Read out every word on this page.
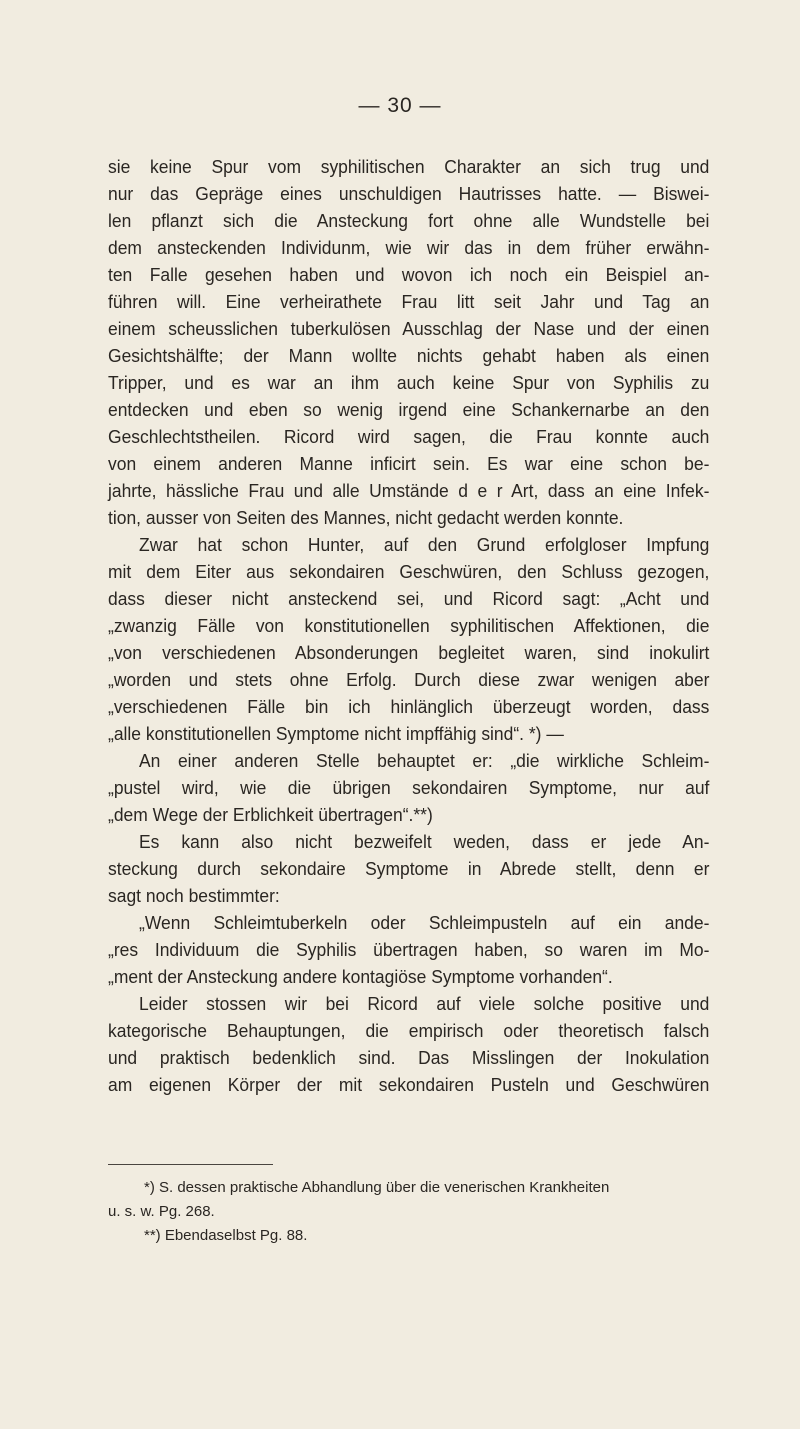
— 30 —
sie keine Spur vom syphilitischen Charakter an sich trug und
nur das Gepräge eines unschuldigen Hautrisses hatte. — Biswei-
len pflanzt sich die Ansteckung fort ohne alle Wundstelle bei
dem ansteckenden Individunm, wie wir das in dem früher erwähn-
ten Falle gesehen haben und wovon ich noch ein Beispiel an-
führen will. Eine verheirathete Frau litt seit Jahr und Tag an
einem scheusslichen tuberkulösen Ausschlag der Nase und der einen
Gesichtshälfte; der Mann wollte nichts gehabt haben als einen
Tripper, und es war an ihm auch keine Spur von Syphilis zu
entdecken und eben so wenig irgend eine Schankernarbe an den
Geschlechtstheilen. Ricord wird sagen, die Frau konnte auch
von einem anderen Manne inficirt sein. Es war eine schon be-
jahrte, hässliche Frau und alle Umstände d e r Art, dass an eine Infek-
tion, ausser von Seiten des Mannes, nicht gedacht werden konnte.
Zwar hat schon Hunter, auf den Grund erfolgloser Impfung
mit dem Eiter aus sekondairen Geschwüren, den Schluss gezogen,
dass dieser nicht ansteckend sei, und Ricord sagt: „Acht und
„zwanzig Fälle von konstitutionellen syphilitischen Affektionen, die
„von verschiedenen Absonderungen begleitet waren, sind inokulirt
„worden und stets ohne Erfolg. Durch diese zwar wenigen aber
„verschiedenen Fälle bin ich hinlänglich überzeugt worden, dass
„alle konstitutionellen Symptome nicht impffähig sind“. *) —
An einer anderen Stelle behauptet er: „die wirkliche Schleim-
„pustel wird, wie die übrigen sekondairen Symptome, nur auf
„dem Wege der Erblichkeit übertragen“.**)
Es kann also nicht bezweifelt weden, dass er jede An-
steckung durch sekondaire Symptome in Abrede stellt, denn er
sagt noch bestimmter:
„Wenn Schleimtuberkeln oder Schleimpusteln auf ein ande-
„res Individuum die Syphilis übertragen haben, so waren im Mo-
„ment der Ansteckung andere kontagiöse Symptome vorhanden“.
Leider stossen wir bei Ricord auf viele solche positive und
kategorische Behauptungen, die empirisch oder theoretisch falsch
und praktisch bedenklich sind. Das Misslingen der Inokulation
am eigenen Körper der mit sekondairen Pusteln und Geschwüren
*) S. dessen praktische Abhandlung über die venerischen Krankheiten
u. s. w. Pg. 268.
**) Ebendaselbst Pg. 88.
